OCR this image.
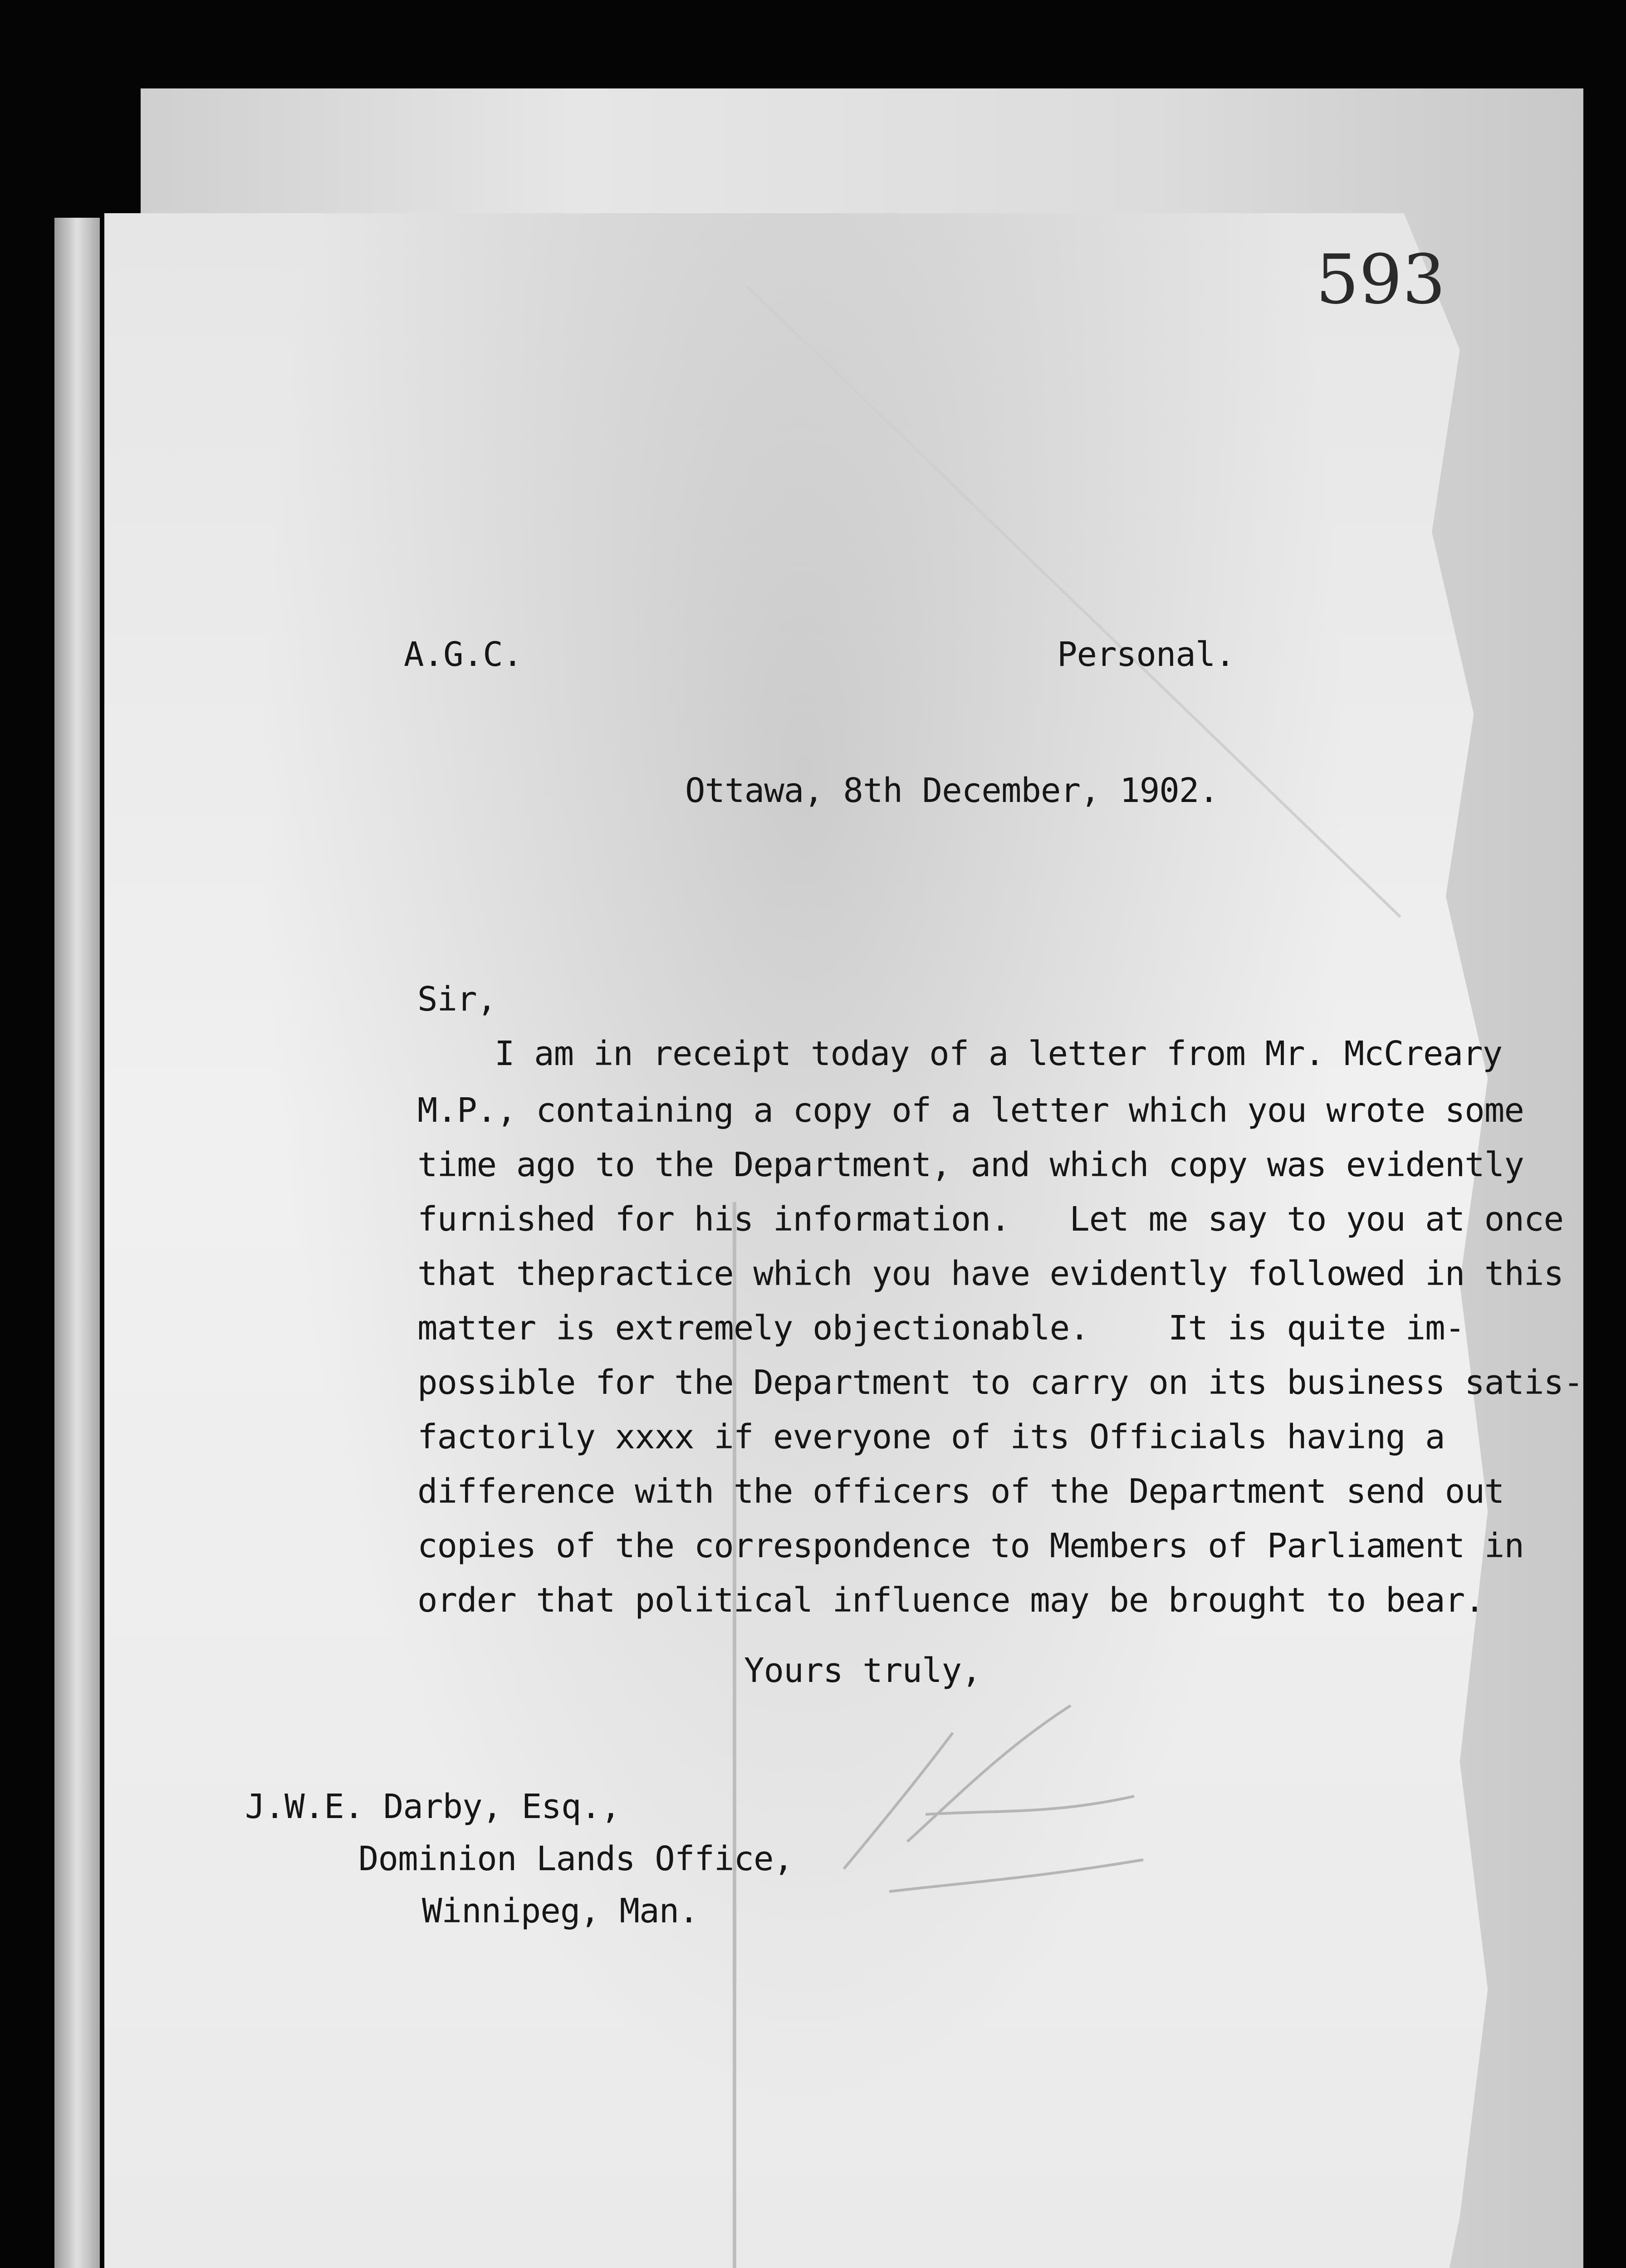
593
A.G.C.	Personal.
Ottawa, 8th December, 1902.
Sir,
I am in receipt today of a letter from Mr. McCreary
M.P., containing a copy of a letter which you wrote some
time ago to the Department, and which copy was evidently
furnished for his information.   Let me say to you at once
that thepractice which you have evidently followed in this
matter is extremely objectionable.    It is quite im-
possible for the Department to carry on its business satis-
factorily xxxx if everyone of its Officials having a
difference with the officers of the Department send out
copies of the correspondence to Members of Parliament in
order that political influence may be brought to bear.
Yours truly,
J.W.E. Darby, Esq.,
Dominion Lands Office,
Winnipeg, Man.
